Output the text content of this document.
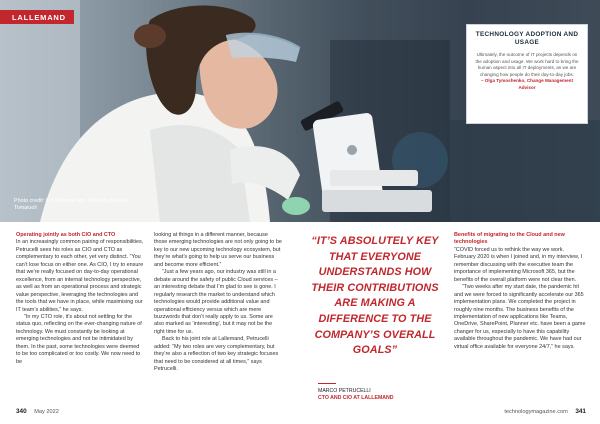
LALLEMAND
Photo credit: © Lallemand Inc. Photo by Daniele Tomaiuoli
TECHNOLOGY ADOPTION AND USAGE
Ultimately, the outcome of IT projects depends on the adoption and usage. We work hard to bring the human aspect into all IT deployments, as we are changing how people do their day-to-day jobs.
– Olga Tymoshenko, Change Management Advisor

Operating jointly as both CIO and CTO

In an increasingly common pairing of responsibilities, Petrucelli sees his roles as CIO and CTO as complementary to each other, yet very distinct. “You can’t lose focus on either one. As CIO, I try to ensure that we’re really focused on day-to-day operational excellence, from an internal technology perspective, as well as from an operational process and strategic value perspective, leveraging the technologies and the tools that we have in place, while maximising our IT team’s abilities,” he says.

“In my CTO role, it’s about not settling for the status quo, reflecting on the ever-changing nature of technology. We must constantly be looking at emerging technologies and not be intimidated by them. In the past, some technologies were deemed to be too complicated or too costly. We now need to be

looking at things in a different manner, because those emerging technologies are not only going to be key to our new upcoming technology ecosystem, but they’re what’s going to help us serve our business and become more efficient.”

“Just a few years ago, our industry was still in a debate around the safety of public Cloud services – an interesting debate that I’m glad to see is gone. I regularly research the market to understand which technologies would provide additional value and operational efficiency versus which are mere buzzwords that don’t really apply to us. Some are also marked as ‘interesting’, but it may not be the right time for us.

Back to his joint role at Lallemand, Petrucelli added: “My two roles are very complementary, but they’re also a reflection of two key strategic focuses that need to be considered at all times,” says Petrucelli.

“IT’S ABSOLUTELY KEY THAT EVERYONE UNDERSTANDS HOW THEIR CONTRIBUTIONS ARE MAKING A DIFFERENCE TO THE COMPANY’S OVERALL GOALS”
MARCO PETRUCELLI
CTO AND CIO AT LALLEMAND

Benefits of migrating to the Cloud and new technologies

“COVID forced us to rethink the way we work. February 2020 is when I joined and, in my interview, I remember discussing with the executive team the importance of implementing Microsoft 365, but the benefits of the overall platform were not clear then.

“Two weeks after my start date, the pandemic hit and we were forced to significantly accelerate our 365 implementation plans. We completed the project in roughly nine months. The business benefits of the implementation of new applications like Teams, OneDrive, SharePoint, Planner etc. have been a game changer for us, especially to have this capability available throughout the pandemic. We have had our virtual office available for everyone 24/7,” he says.

340 May 2022	technologymagazine.com 341
